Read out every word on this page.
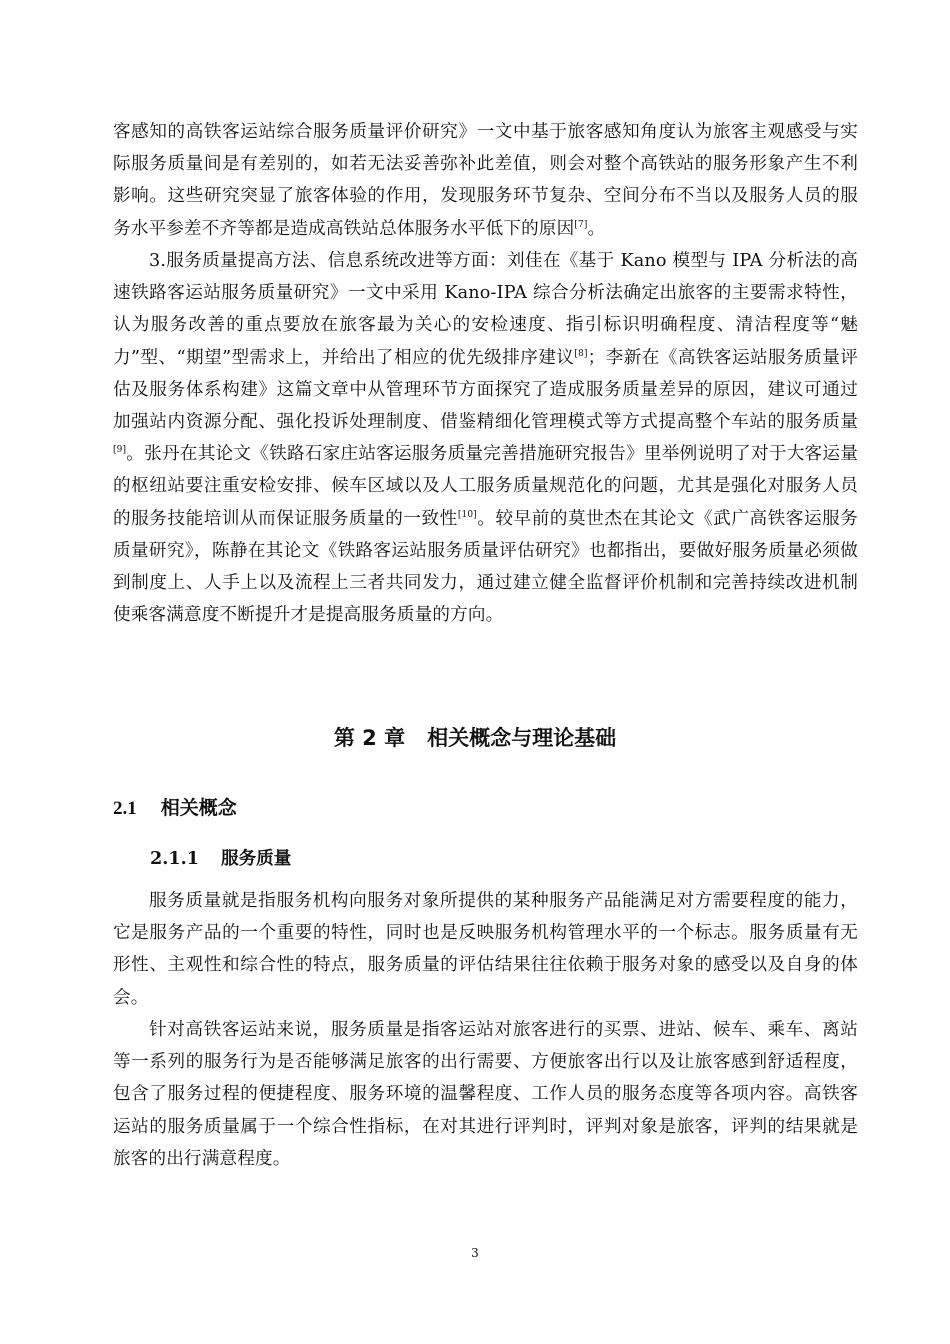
客感知的高铁客运站综合服务质量评价研究》一文中基于旅客感知角度认为旅客主观感受与实际服务质量间是有差别的，如若无法妥善弥补此差值，则会对整个高铁站的服务形象产生不利影响。这些研究突显了旅客体验的作用，发现服务环节复杂、空间分布不当以及服务人员的服务水平参差不齐等都是造成高铁站总体服务水平低下的原因[7]。

3.服务质量提高方法、信息系统改进等方面：刘佳在《基于 Kano 模型与 IPA 分析法的高速铁路客运站服务质量研究》一文中采用 Kano-IPA 综合分析法确定出旅客的主要需求特性，认为服务改善的重点要放在旅客最为关心的安检速度、指引标识明确程度、清洁程度等“魅力”型、“期望”型需求上，并给出了相应的优先级排序建议[8]；李新在《高铁客运站服务质量评估及服务体系构建》这篇文章中从管理环节方面探究了造成服务质量差异的原因，建议可通过加强站内资源分配、强化投诉处理制度、借鉴精细化管理模式等方式提高整个车站的服务质量[9]。张丹在其论文《铁路石家庄站客运服务质量完善措施研究报告》里举例说明了对于大客运量的枢纽站要注重安检安排、候车区域以及人工服务质量规范化的问题，尤其是强化对服务人员的服务技能培训从而保证服务质量的一致性[10]。较早前的莫世杰在其论文《武广高铁客运服务质量研究》，陈静在其论文《铁路客运站服务质量评估研究》也都指出，要做好服务质量必须做到制度上、人手上以及流程上三者共同发力，通过建立健全监督评价机制和完善持续改进机制使乘客满意度不断提升才是提高服务质量的方向。

第 2 章 相关概念与理论基础
2.1 相关概念
2.1.1 服务质量

服务质量就是指服务机构向服务对象所提供的某种服务产品能满足对方需要程度的能力，它是服务产品的一个重要的特性，同时也是反映服务机构管理水平的一个标志。服务质量有无形性、主观性和综合性的特点，服务质量的评估结果往往依赖于服务对象的感受以及自身的体会。

针对高铁客运站来说，服务质量是指客运站对旅客进行的买票、进站、候车、乘车、离站等一系列的服务行为是否能够满足旅客的出行需要、方便旅客出行以及让旅客感到舒适程度，包含了服务过程的便捷程度、服务环境的温馨程度、工作人员的服务态度等各项内容。高铁客运站的服务质量属于一个综合性指标，在对其进行评判时，评判对象是旅客，评判的结果就是旅客的出行满意程度。

3
